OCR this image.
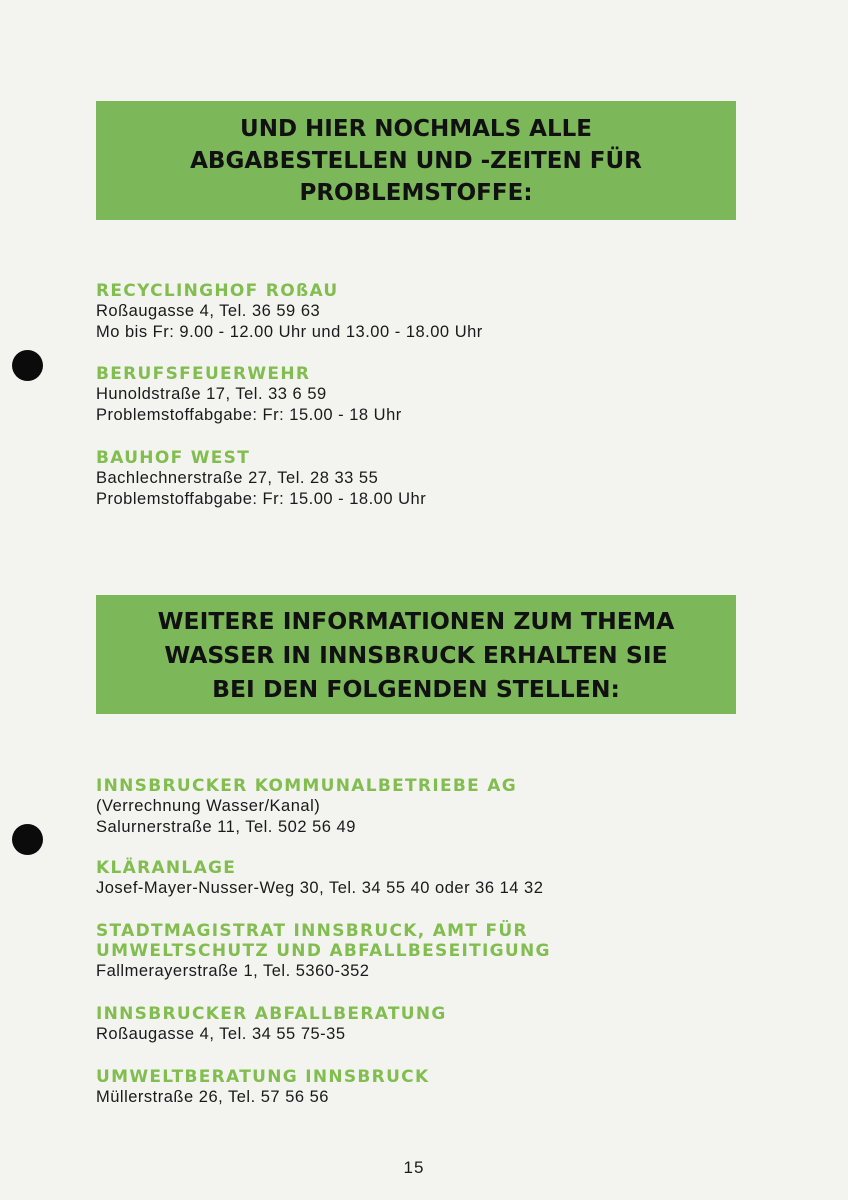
UND HIER NOCHMALS ALLE
ABGABESTELLEN UND -ZEITEN FÜR
PROBLEMSTOFFE:
RECYCLINGHOF ROßAU
Roßaugasse 4, Tel. 36 59 63
Mo bis Fr: 9.00 - 12.00 Uhr und 13.00 - 18.00 Uhr
BERUFSFEUERWEHR
Hunoldstraße 17, Tel. 33 6 59
Problemstoffabgabe: Fr: 15.00 - 18 Uhr
BAUHOF WEST
Bachlechnerstraße 27, Tel. 28 33 55
Problemstoffabgabe: Fr: 15.00 - 18.00 Uhr
WEITERE INFORMATIONEN ZUM THEMA
WASSER IN INNSBRUCK ERHALTEN SIE
BEI DEN FOLGENDEN STELLEN:
INNSBRUCKER KOMMUNALBETRIEBE AG
(Verrechnung Wasser/Kanal)
Salurnerstraße 11, Tel. 502 56 49
KLÄRANLAGE
Josef-Mayer-Nusser-Weg 30, Tel. 34 55 40 oder 36 14 32
STADTMAGISTRAT INNSBRUCK, AMT FÜR
UMWELTSCHUTZ UND ABFALLBESEITIGUNG
Fallmerayerstraße 1, Tel. 5360-352
INNSBRUCKER ABFALLBERATUNG
Roßaugasse 4, Tel. 34 55 75-35
UMWELTBERATUNG INNSBRUCK
Müllerstraße 26, Tel. 57 56 56
15
